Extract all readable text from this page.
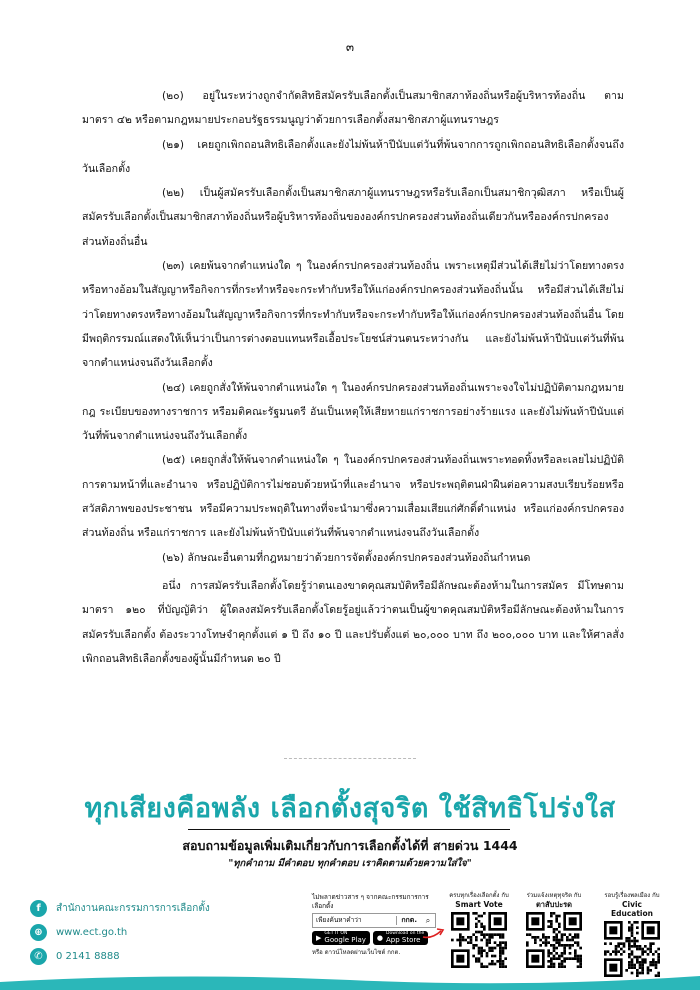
๓

(๒๐) อยู่ในระหว่างถูกจำกัดสิทธิสมัครรับเลือกตั้งเป็นสมาชิกสภาท้องถิ่นหรือผู้บริหารท้องถิ่น ตามมาตรา ๔๒ หรือตามกฎหมายประกอบรัฐธรรมนูญว่าด้วยการเลือกตั้งสมาชิกสภาผู้แทนราษฎร

(๒๑) เคยถูกเพิกถอนสิทธิเลือกตั้งและยังไม่พ้นห้าปีนับแต่วันที่พ้นจากการถูกเพิกถอนสิทธิเลือกตั้งจนถึงวันเลือกตั้ง

(๒๒) เป็นผู้สมัครรับเลือกตั้งเป็นสมาชิกสภาผู้แทนราษฎรหรือรับเลือกเป็นสมาชิกวุฒิสภา หรือเป็นผู้สมัครรับเลือกตั้งเป็นสมาชิกสภาท้องถิ่นหรือผู้บริหารท้องถิ่นขององค์กรปกครองส่วนท้องถิ่นเดียวกันหรือองค์กรปกครองส่วนท้องถิ่นอื่น

(๒๓) เคยพ้นจากตำแหน่งใด ๆ ในองค์กรปกครองส่วนท้องถิ่น เพราะเหตุมีส่วนได้เสียไม่ว่าโดยทางตรงหรือทางอ้อมในสัญญาหรือกิจการที่กระทำหรือจะกระทำกับหรือให้แก่องค์กรปกครองส่วนท้องถิ่นนั้น หรือมีส่วนได้เสียไม่ว่าโดยทางตรงหรือทางอ้อมในสัญญาหรือกิจการที่กระทำกับหรือจะกระทำกับหรือให้แก่องค์กรปกครองส่วนท้องถิ่นอื่น โดยมีพฤติกรรมณ์แสดงให้เห็นว่าเป็นการต่างตอบแทนหรือเอื้อประโยชน์ส่วนตนระหว่างกัน และยังไม่พ้นห้าปีนับแต่วันที่พ้นจากตำแหน่งจนถึงวันเลือกตั้ง

(๒๔) เคยถูกสั่งให้พ้นจากตำแหน่งใด ๆ ในองค์กรปกครองส่วนท้องถิ่นเพราะจงใจไม่ปฏิบัติตามกฎหมาย กฎ ระเบียบของทางราชการ หรือมติคณะรัฐมนตรี อันเป็นเหตุให้เสียหายแก่ราชการอย่างร้ายแรง และยังไม่พ้นห้าปีนับแต่วันที่พ้นจากตำแหน่งจนถึงวันเลือกตั้ง

(๒๕) เคยถูกสั่งให้พ้นจากตำแหน่งใด ๆ ในองค์กรปกครองส่วนท้องถิ่นเพราะทอดทิ้งหรือละเลยไม่ปฏิบัติการตามหน้าที่และอำนาจ หรือปฏิบัติการไม่ชอบด้วยหน้าที่และอำนาจ หรือประพฤติตนฝ่าฝืนต่อความสงบเรียบร้อยหรือสวัสดิภาพของประชาชน หรือมีความประพฤติในทางที่จะนำมาซึ่งความเสื่อมเสียแก่ศักดิ์ตำแหน่ง หรือแก่องค์กรปกครองส่วนท้องถิ่น หรือแก่ราชการ และยังไม่พ้นห้าปีนับแต่วันที่พ้นจากตำแหน่งจนถึงวันเลือกตั้ง

(๒๖) ลักษณะอื่นตามที่กฎหมายว่าด้วยการจัดตั้งองค์กรปกครองส่วนท้องถิ่นกำหนด

อนึ่ง การสมัครรับเลือกตั้งโดยรู้ว่าตนเองขาดคุณสมบัติหรือมีลักษณะต้องห้ามในการสมัคร มีโทษตามมาตรา ๑๒๐ ที่บัญญัติว่า ผู้ใดลงสมัครรับเลือกตั้งโดยรู้อยู่แล้วว่าตนเป็นผู้ขาดคุณสมบัติหรือมีลักษณะต้องห้ามในการสมัครรับเลือกตั้ง ต้องระวางโทษจำคุกตั้งแต่ ๑ ปี ถึง ๑๐ ปี และปรับตั้งแต่ ๒๐,๐๐๐ บาท ถึง ๒๐๐,๐๐๐ บาท และให้ศาลสั่งเพิกถอนสิทธิเลือกตั้งของผู้นั้นมีกำหนด ๒๐ ปี

ทุกเสียงคือพลัง เลือกตั้งสุจริต ใช้สิทธิโปร่งใส
สอบถามข้อมูลเพิ่มเติมเกี่ยวกับการเลือกตั้งได้ที่ สายด่วน 1444
"ทุกคำถาม มีคำตอบ ทุกคำตอบ เราคิดตามด้วยความใส่ใจ"
f	สำนักงานคณะกรรมการการเลือกตั้ง
⊕	www.ect.go.th
✆	0 2141 8888
ไม่พลาดข่าวสาร ๆ จากคณะกรรมการการเลือกตั้ง
เพียงค้นหาคำว่า	กกต.	⌕
▶ GET IT ON
Google Play ● Download on the
App Store
หรือ ดาวน์โหลดผ่านเว็บไซต์ กกต.
ครบทุกเรื่องเลือกตั้ง กับ
Smart Vote
ร่วมแจ้งเหตุทุจริต กับ
ตาสับปะรด
รอบรู้เรื่องพลเมือง กับ
Civic Education
